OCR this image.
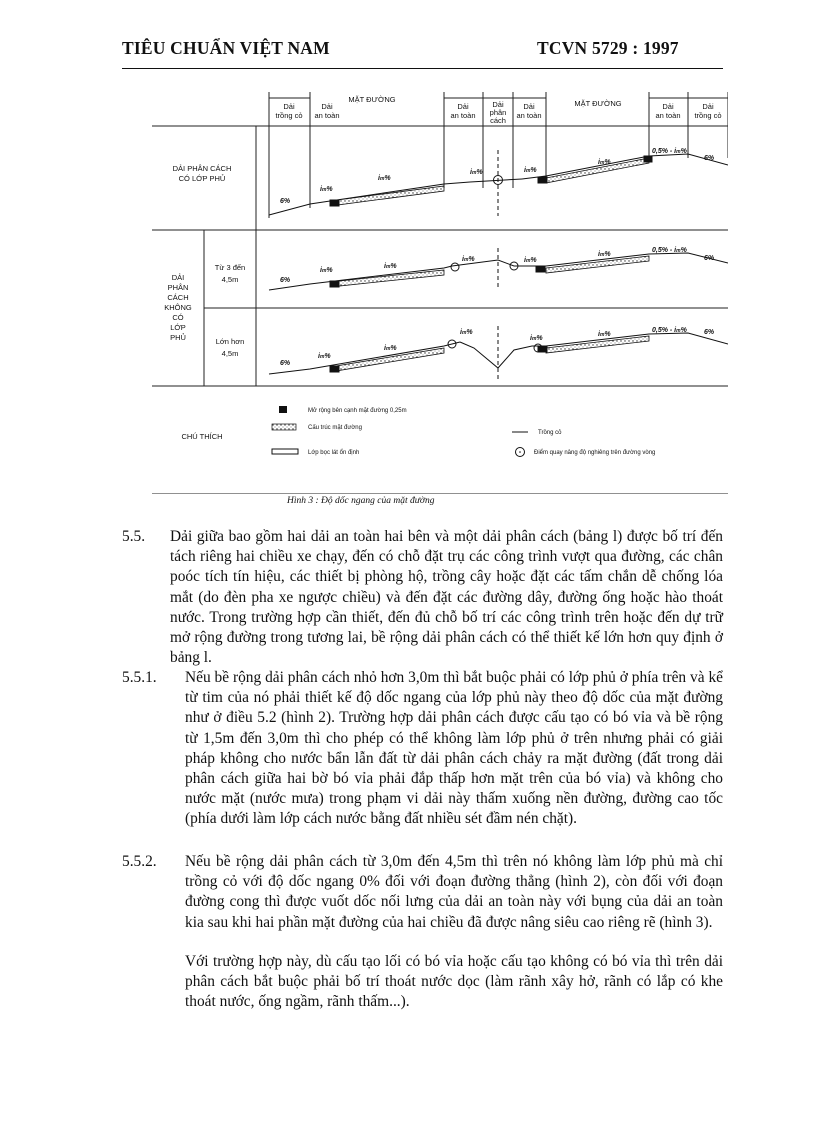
TIÊU CHUẨN VIỆT NAM	TCVN 5729 : 1997
Dải
trồng cỏ
Dải
an toàn
MẶT ĐƯỜNG
Dải
an toàn
Dải
phân
cách
Dải
an toàn
MẶT ĐƯỜNG	Dải
an toàn
Dải
trồng cỏ
DẢI PHÂN CÁCH
CÓ LỚP PHỦ
DẢI
PHÂN
CÁCH
KHÔNG
CÓ
LỚP
PHỦ
Từ 3 đến
4,5m
Lớn hơn
4,5m
CHÚ THÍCH
6%
im%
im%
im%	im%
im%
0,5% - im%
6%
6%
im%
im%
im%	im%
im%
0,5% - im%
6%
6%
im%
im%
im%
im%
im%
0,5% - im% 6%
Mở rộng bên cạnh mặt đường 0,25m
Cấu trúc mặt đường
Lớp bọc lát ổn định
Trồng cỏ
Điểm quay nâng độ nghiêng trên đường vòng
Hình 3 : Độ dốc ngang của mặt đường
5.5. Dải giữa bao gồm hai dải an toàn hai bên và một dải phân cách (bảng l) được bố trí đến tách riêng hai chiều xe chạy, đến có chỗ đặt trụ các công trình vượt qua đường, các chân poóc tích tín hiệu, các thiết bị phòng hộ, trồng cây hoặc đặt các tấm chắn dễ chống lóa mắt (do đèn pha xe ngược chiều) và đến đặt các đường dây, đường ống hoặc hào thoát nước. Trong trường hợp cần thiết, đến đủ chỗ bố trí các công trình trên hoặc đến dự trữ mở rộng đường trong tương lai, bề rộng dải phân cách có thể thiết kế lớn hơn quy định ở bảng l.
5.5.1. Nếu bề rộng dải phân cách nhỏ hơn 3,0m thì bắt buộc phải có lớp phủ ở phía trên và kể từ tim của nó phải thiết kế độ dốc ngang của lớp phủ này theo độ dốc của mặt đường như ở điều 5.2 (hình 2). Trường hợp dải phân cách được cấu tạo có bó vỉa và bề rộng từ 1,5m đến 3,0m thì cho phép có thể không làm lớp phủ ở trên nhưng phải có giải pháp không cho nước bẩn lẫn đất từ dải phân cách chảy ra mặt đường (đất trong dải phân cách giữa hai bờ bó vỉa phải đắp thấp hơn mặt trên của bó vỉa) và không cho nước mặt (nước mưa) trong phạm vi dải này thấm xuống nền đường, đường cao tốc (phía dưới làm lớp cách nước bằng đất nhiều sét đầm nén chặt).
5.5.2. Nếu bề rộng dải phân cách từ 3,0m đến 4,5m thì trên nó không làm lớp phủ mà chỉ trồng cỏ với độ dốc ngang 0% đối với đoạn đường thẳng (hình 2), còn đối với đoạn đường cong thì được vuốt dốc nối lưng của dải an toàn này với bụng của dải an toàn kia sau khi hai phần mặt đường của hai chiều đã được nâng siêu cao riêng rẽ (hình 3).
Với trường hợp này, dù cấu tạo lối có bó vỉa hoặc cấu tạo không có bó vỉa thì trên dải phân cách bắt buộc phải bố trí thoát nước dọc (làm rãnh xây hở, rãnh có lắp có khe thoát nước, ống ngầm, rãnh thấm...).
